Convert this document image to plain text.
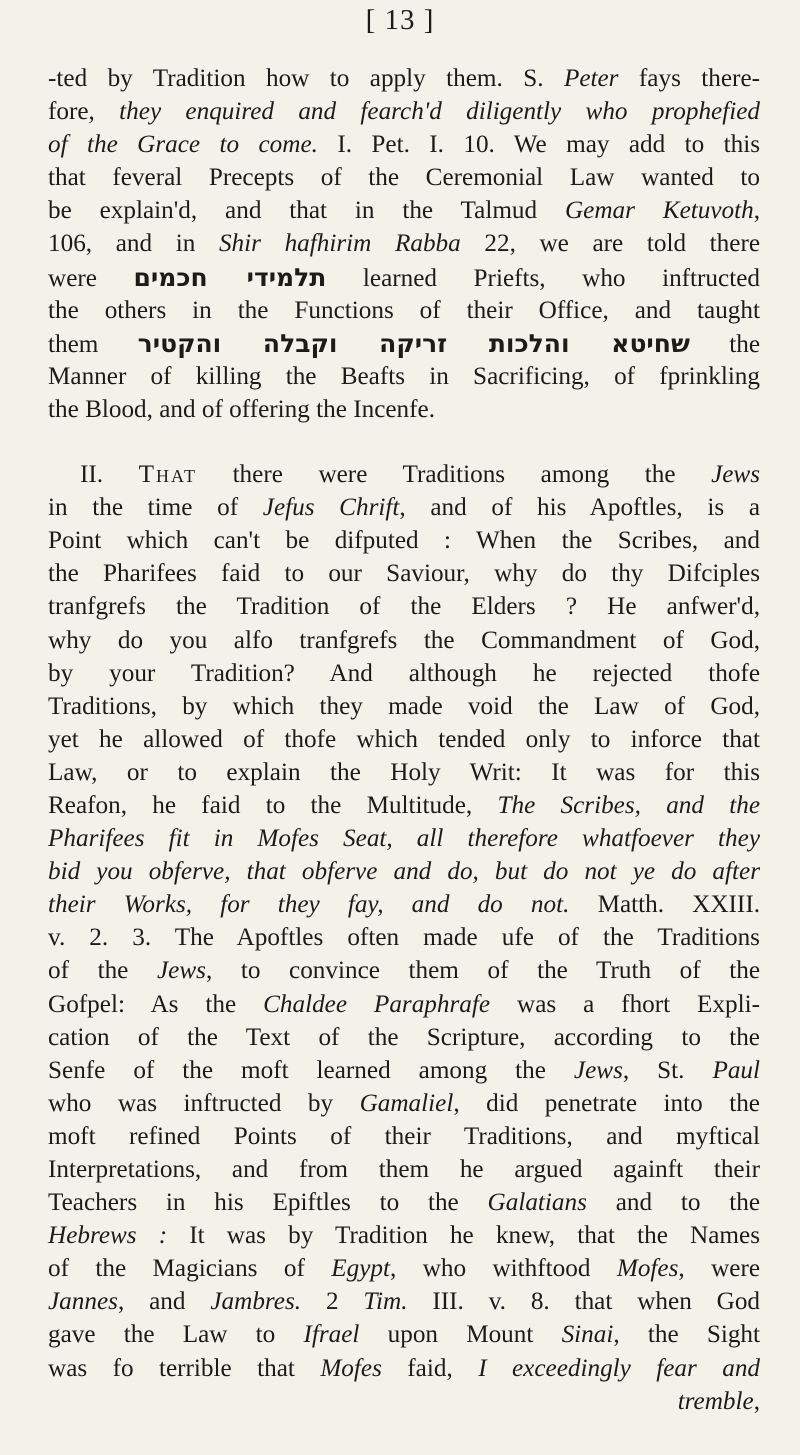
[ 13 ]
-ted by Tradition how to apply them. S. Peter fays there-
fore, they enquired and fearch'd diligently who prophefied
of the Grace to come. I. Pet. I. 10. We may add to this
that feveral Precepts of the Ceremonial Law wanted to
be explain'd, and that in the Talmud Gemar Ketuvoth,
106, and in Shir hafhirim Rabba 22, we are told there
were תלמידי חכמים learned Priefts, who inftructed
the others in the Functions of their Office, and taught
them שחיטא והלכות זריקה וקבלה והקטיר the
Manner of killing the Beafts in Sacrificing, of fprinkling
the Blood, and of offering the Incenfe.
II. That there were Traditions among the Jews
in the time of Jefus Chrift, and of his Apoftles, is a
Point which can't be difputed : When the Scribes, and
the Pharifees faid to our Saviour, why do thy Difciples
tranfgrefs the Tradition of the Elders ? He anfwer'd,
why do you alfo tranfgrefs the Commandment of God,
by your Tradition? And although he rejected thofe
Traditions, by which they made void the Law of God,
yet he allowed of thofe which tended only to inforce that
Law, or to explain the Holy Writ: It was for this
Reafon, he faid to the Multitude, The Scribes, and the
Pharifees fit in Mofes Seat, all therefore whatfoever they
bid you obferve, that obferve and do, but do not ye do after
their Works, for they fay, and do not. Matth. XXIII.
v. 2. 3. The Apoftles often made ufe of the Traditions
of the Jews, to convince them of the Truth of the
Gofpel: As the Chaldee Paraphrafe was a fhort Expli-
cation of the Text of the Scripture, according to the
Senfe of the moft learned among the Jews, St. Paul
who was inftructed by Gamaliel, did penetrate into the
moft refined Points of their Traditions, and myftical
Interpretations, and from them he argued againft their
Teachers in his Epiftles to the Galatians and to the
Hebrews : It was by Tradition he knew, that the Names
of the Magicians of Egypt, who withftood Mofes, were
Jannes, and Jambres. 2 Tim. III. v. 8. that when God
gave the Law to Ifrael upon Mount Sinai, the Sight
was fo terrible that Mofes faid, I exceedingly fear and
tremble,
